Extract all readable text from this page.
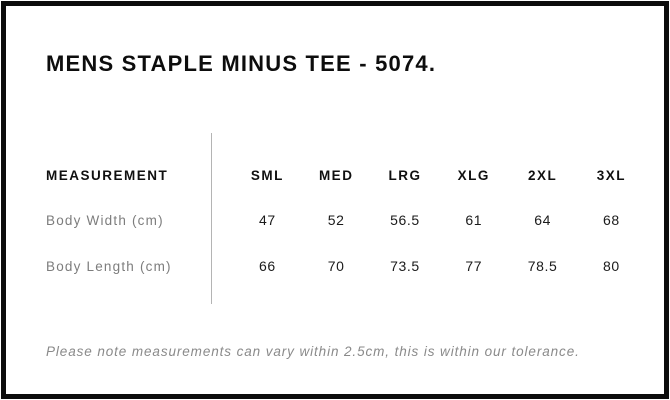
MENS STAPLE MINUS TEE - 5074.
MEASUREMENT	SML	MED	LRG	XLG	2XL	3XL
Body Width (cm)	47	52	56.5	61	64	68
Body Length (cm)	66	70	73.5	77	78.5	80

Please note measurements can vary within 2.5cm, this is within our tolerance.
